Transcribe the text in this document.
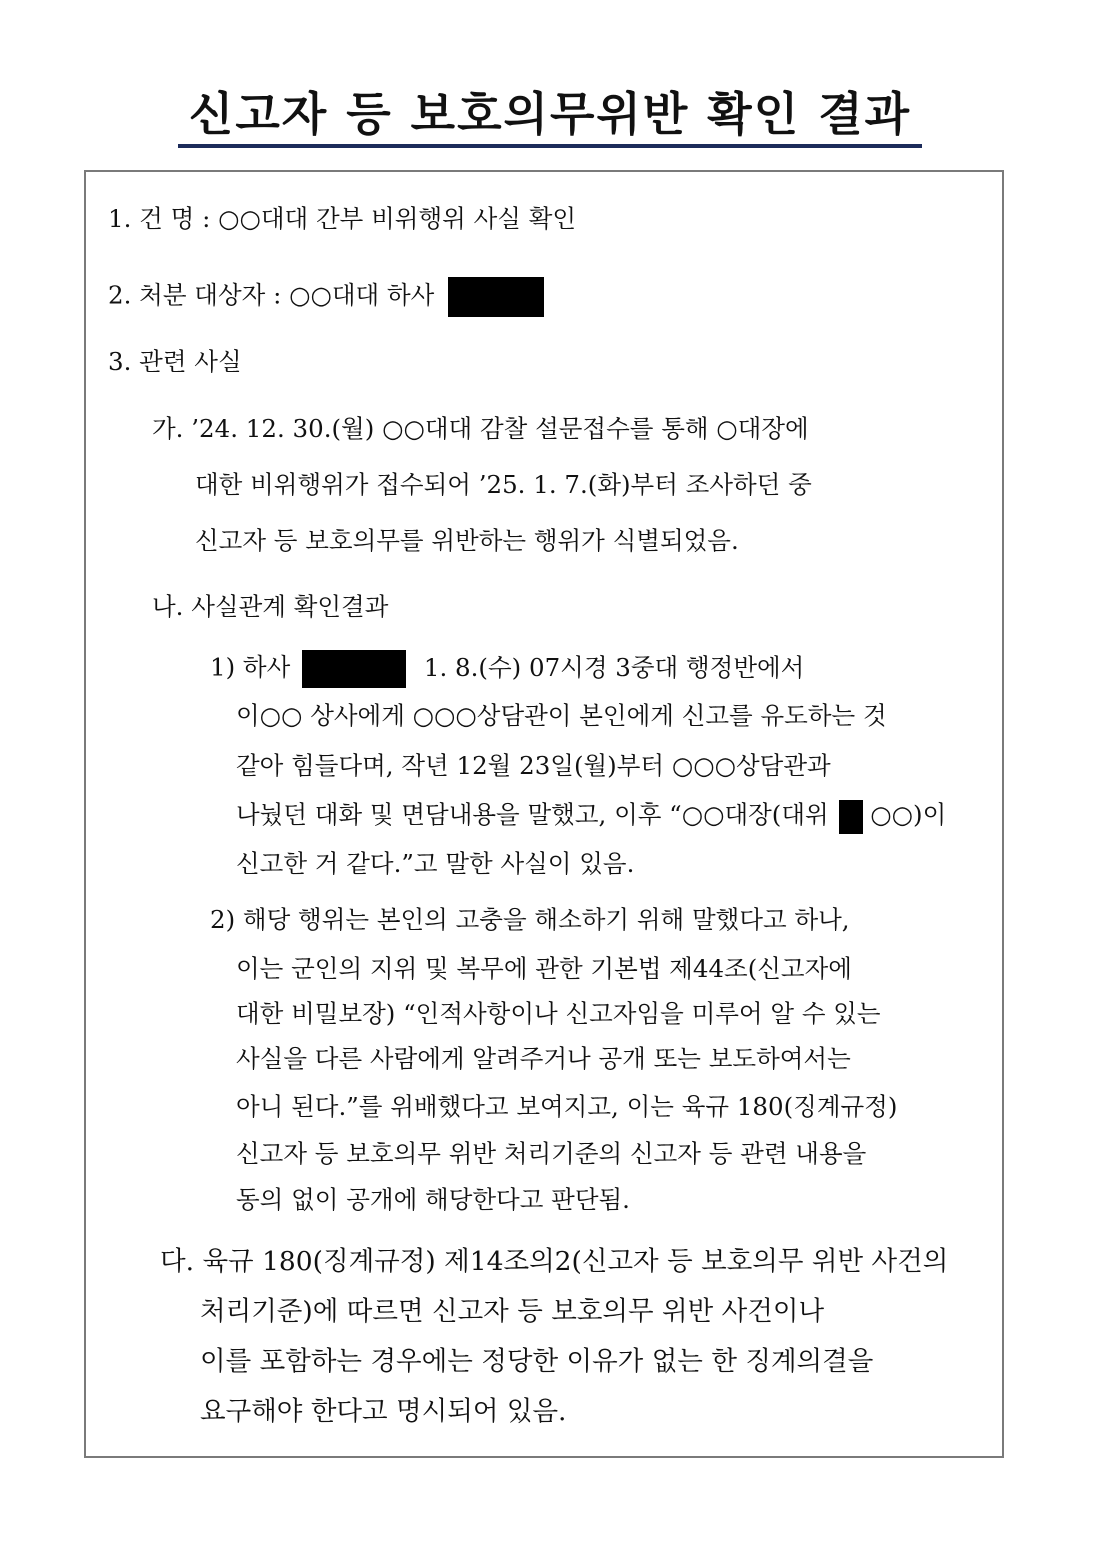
신고자 등 보호의무위반 확인 결과
1. 건 명 : ○○대대 간부 비위행위 사실 확인
2. 처분 대상자 : ○○대대 하사
3. 관련 사실
가. ’24. 12. 30.(월) ○○대대 감찰 설문접수를 통해 ○대장에
대한 비위행위가 접수되어 ’25. 1. 7.(화)부터 조사하던 중
신고자 등 보호의무를 위반하는 행위가 식별되었음.
나. 사실관계 확인결과
1) 하사	1. 8.(수) 07시경 3중대 행정반에서
이○○ 상사에게 ○○○상담관이 본인에게 신고를 유도하는 것
같아 힘들다며, 작년 12월 23일(월)부터 ○○○상담관과
나눴던 대화 및 면담내용을 말했고, 이후 “○○대장(대위 ○○)이
신고한 거 같다.”고 말한 사실이 있음.
2) 해당 행위는 본인의 고충을 해소하기 위해 말했다고 하나,
이는 군인의 지위 및 복무에 관한 기본법 제44조(신고자에
대한 비밀보장) “인적사항이나 신고자임을 미루어 알 수 있는
사실을 다른 사람에게 알려주거나 공개 또는 보도하여서는
아니 된다.”를 위배했다고 보여지고, 이는 육규 180(징계규정)
신고자 등 보호의무 위반 처리기준의 신고자 등 관련 내용을
동의 없이 공개에 해당한다고 판단됨.
다. 육규 180(징계규정) 제14조의2(신고자 등 보호의무 위반 사건의
처리기준)에 따르면 신고자 등 보호의무 위반 사건이나
이를 포함하는 경우에는 정당한 이유가 없는 한 징계의결을
요구해야 한다고 명시되어 있음.
